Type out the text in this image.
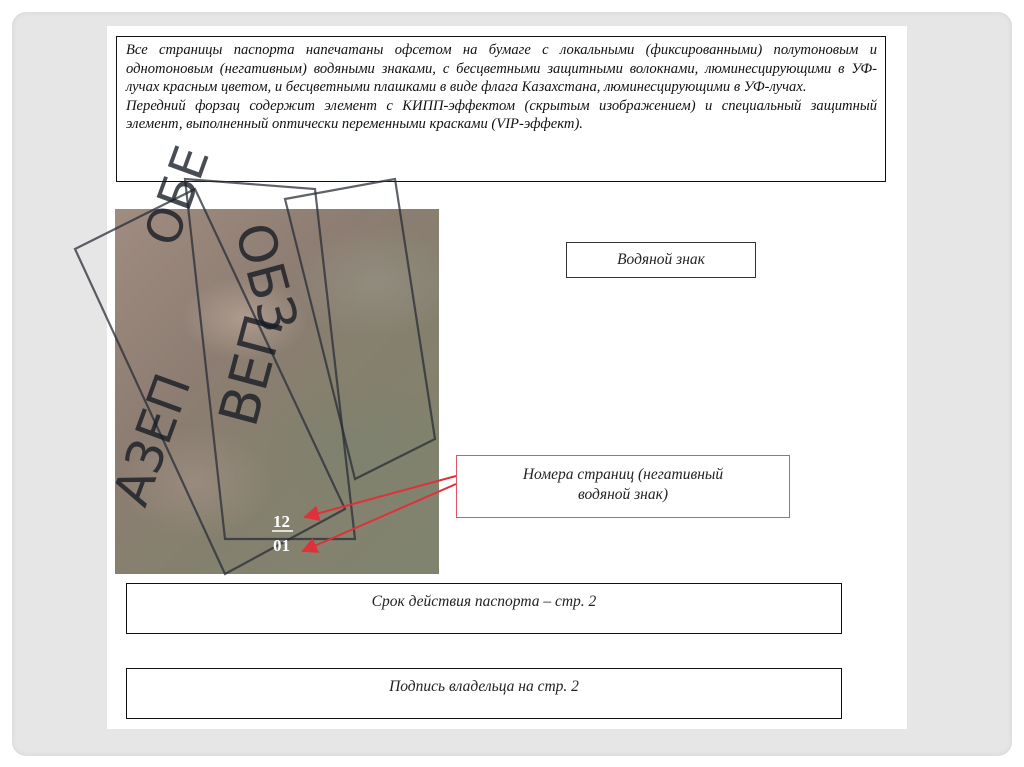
Все страницы паспорта напечатаны офсетом на бумаге с локальными (фиксированными) полутоновым и однотоновым (негативным) водяными знаками, с бесцветными защитными волокнами, люминесцирующими в УФ-лучах красным цветом, и бесцветными плашками в виде флага Казахстана, люминесцирующими в УФ-лучах.

Передний форзац содержит элемент с КИПП-эффектом (скрытым изображением) и специальный защитный элемент, выполненный оптически переменными красками (VIP-эффект).

ОБЗ
ОБЕ
ВЕП
А3ЕП
12
01
Водяной знак
Номера страниц (негативный
водяной знак)
Срок действия паспорта – стр. 2
Подпись владельца на стр. 2
